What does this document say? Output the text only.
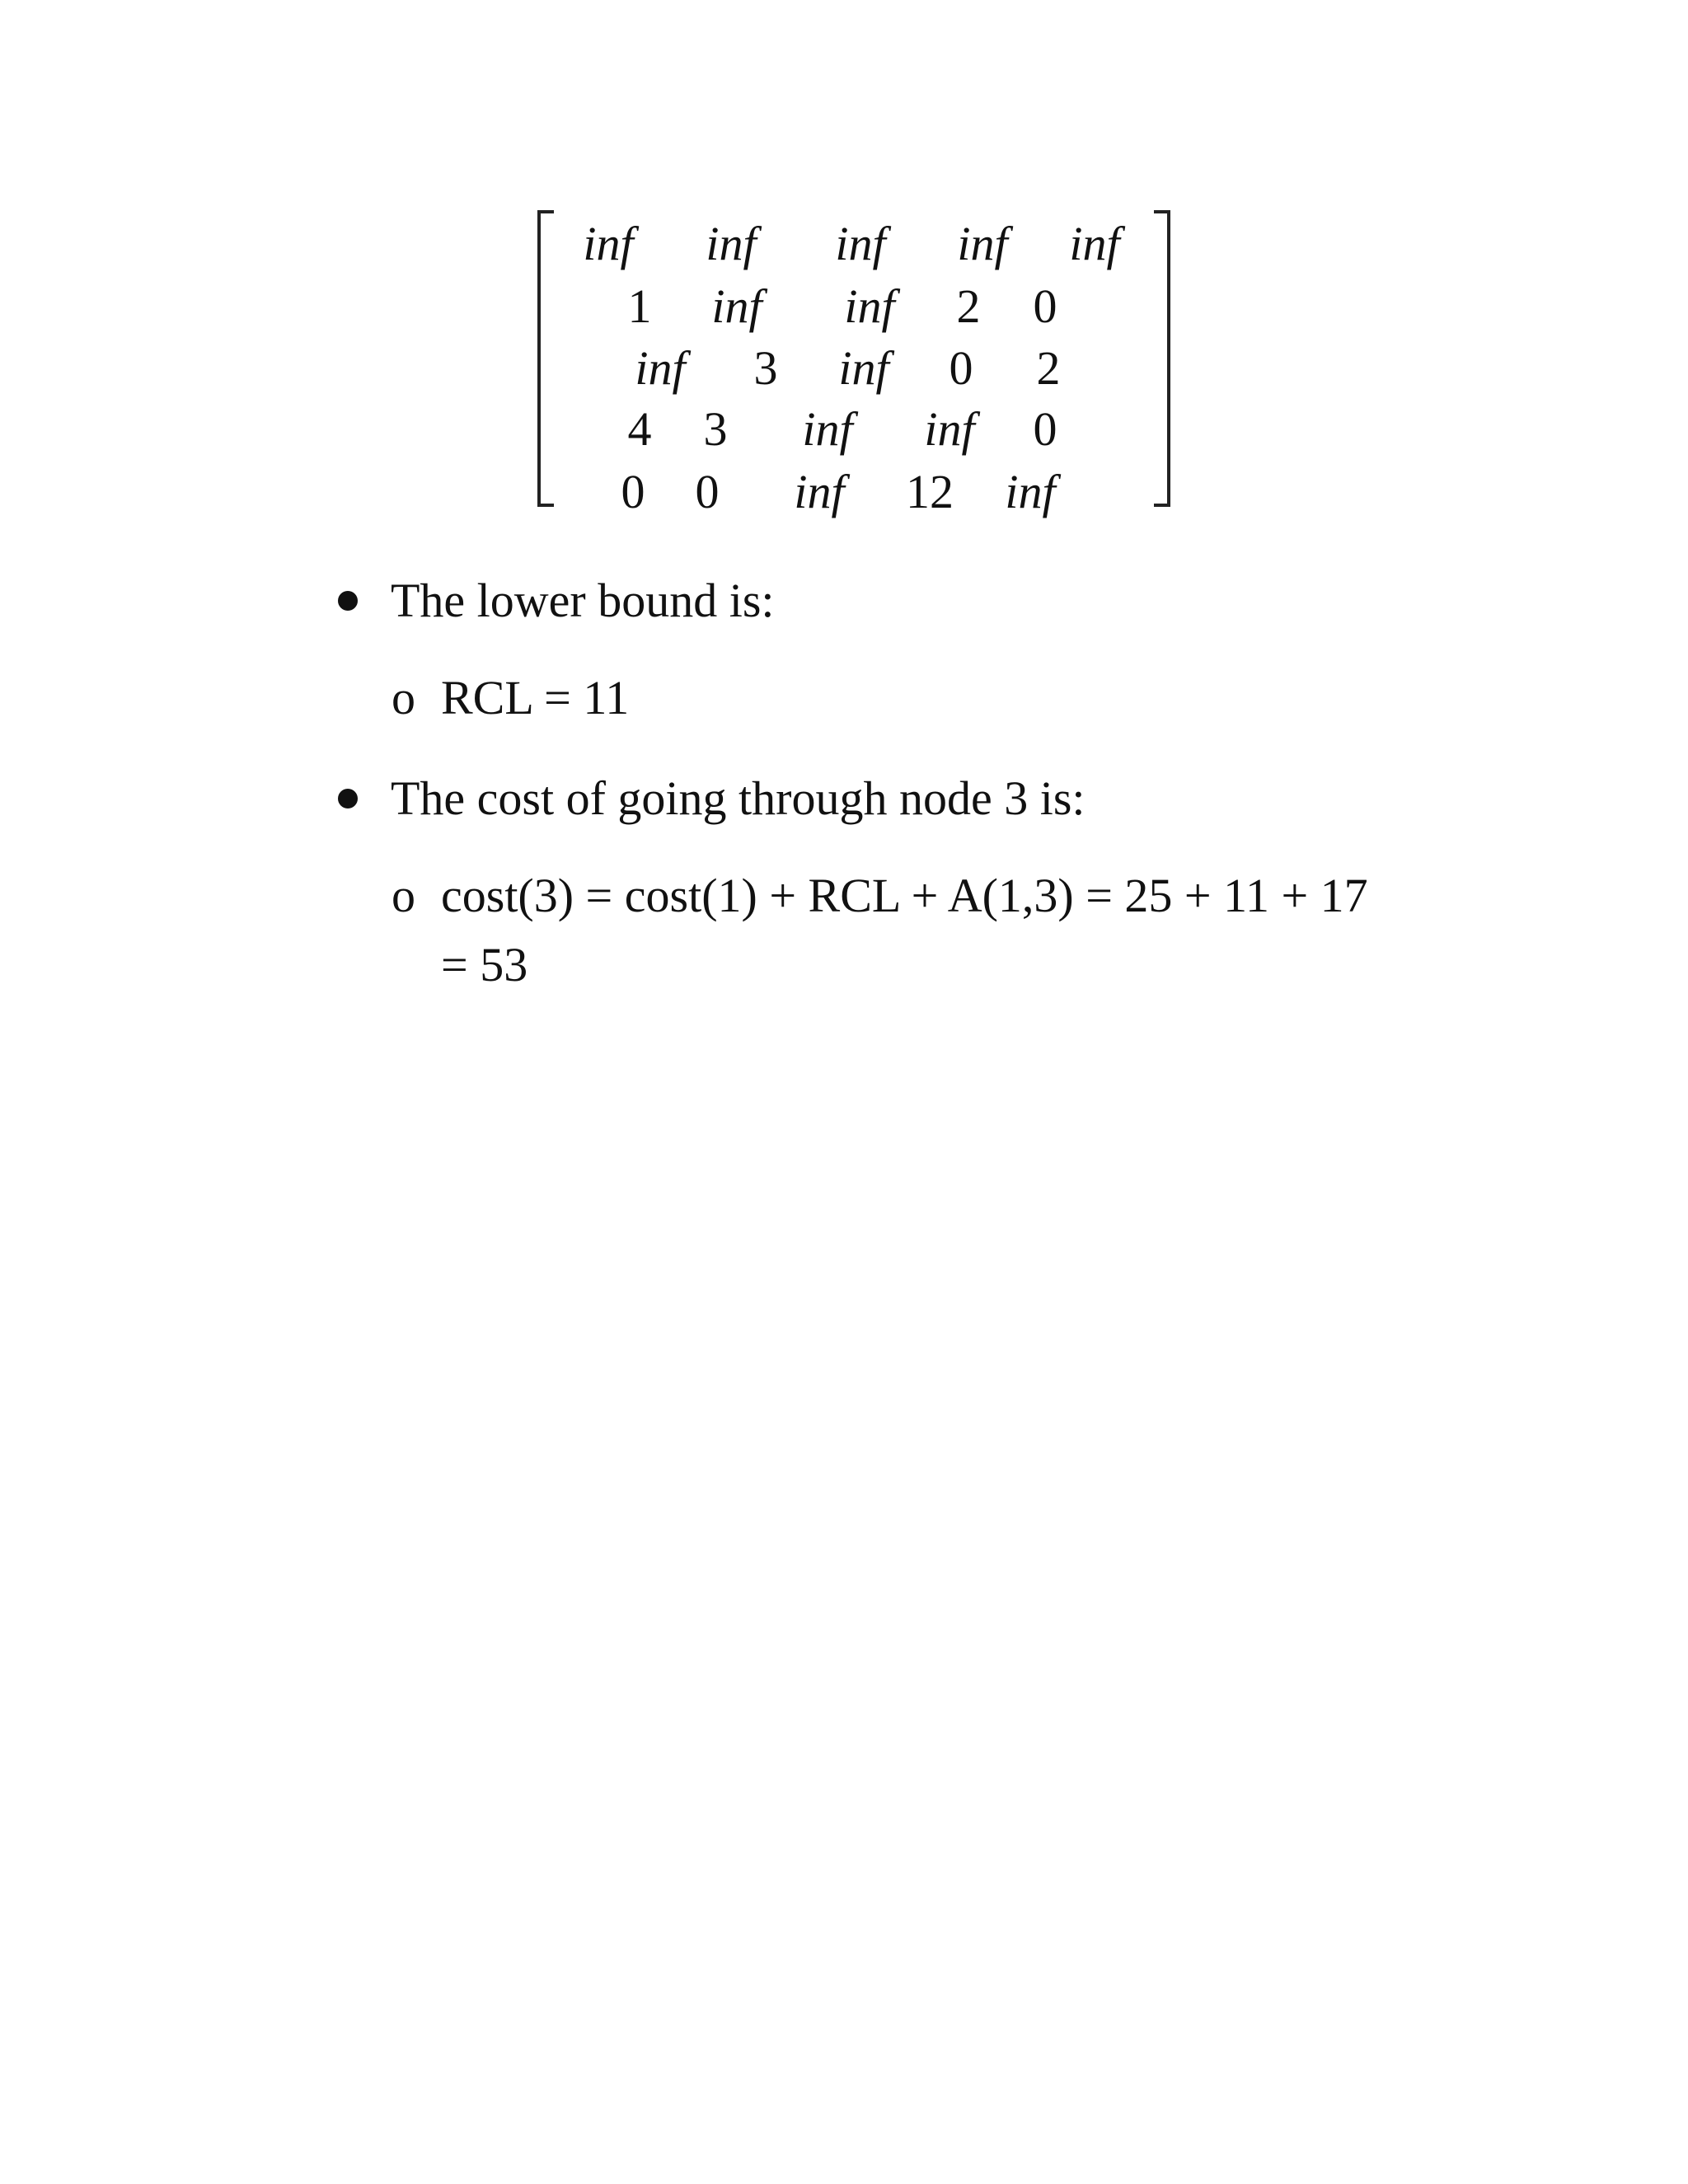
inf inf inf inf inf
1 inf inf 2 0
inf 3 inf 0 2
4 3 inf inf 0
0 0 inf 12 inf
The lower bound is:
o RCL = 11
The cost of going through node 3 is:
o cost(3) = cost(1) + RCL + A(1,3) = 25 + 11 + 17
= 53
